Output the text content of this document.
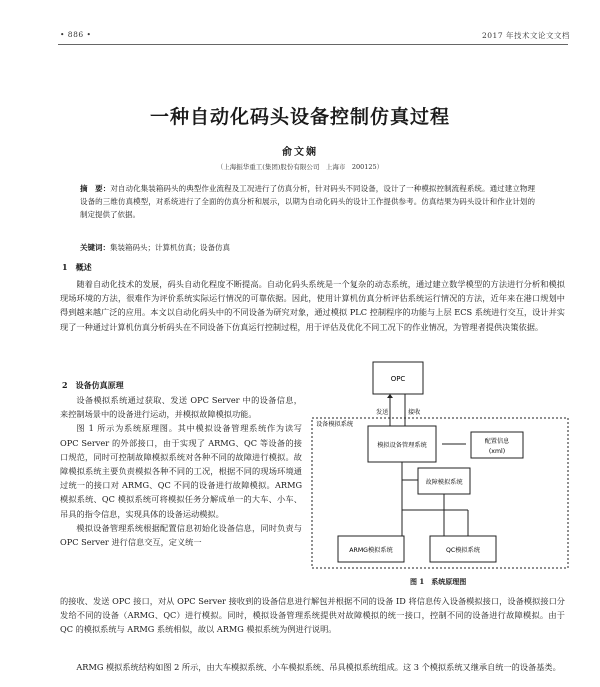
• 886 •	2017 年技术文论文文档
一种自动化码头设备控制仿真过程
俞文娴
（上海振华重工(集团)股份有限公司　上海市　200125）
摘　要：对自动化集装箱码头的典型作业流程及工况进行了仿真分析，针对码头不同设备，设计了一种模拟控制流程系统。通过建立物理设备的三维仿真模型，对系统进行了全面的仿真分析和展示，以期为自动化码头的设计工作提供参考。仿真结果为码头设计和作业计划的制定提供了依据。
关键词：集装箱码头；计算机仿真；设备仿真
1　概述

随着自动化技术的发展，码头自动化程度不断提高。自动化码头系统是一个复杂的动态系统，通过建立数学模型的方法进行分析和模拟现场环境的方法，很难作为评价系统实际运行情况的可靠依据。因此，使用计算机仿真分析评估系统运行情况的方法，近年来在港口规划中得到越来越广泛的应用。本文以自动化码头中的不同设备为研究对象，通过模拟 PLC 控制程序的功能与上层 ECS 系统进行交互，设计并实现了一种通过计算机仿真分析码头在不同设备下仿真运行控制过程，用于评估及优化不同工况下的作业情况，为管理者提供决策依据。

2　设备仿真原理

设备模拟系统通过获取、发送 OPC Server 中的设备信息，来控制场景中的设备进行运动，并模拟故障模拟功能。

图 1 所示为系统原理图。其中模拟设备管理系统作为读写 OPC Server 的外部接口，由于实现了 ARMG、QC 等设备的接口规范，同时可控制故障模拟系统对各种不同的故障进行模拟。故障模拟系统主要负责模拟各种不同的工况，根据不同的现场环境通过统一的接口对 ARMG、QC 不同的设备进行故障模拟。ARMG 模拟系统、QC 模拟系统可将模拟任务分解成单一的大车、小车、吊具的指令信息，实现具体的设备运动模拟。

模拟设备管理系统根据配置信息初始化设备信息，同时负责与 OPC Server 进行信息交互，定义统一

的接收、发送 OPC 接口，对从 OPC Server 接收到的设备信息进行解包并根据不同的设备 ID 将信息传入设备模拟接口，设备模拟接口分发给不同的设备（ARMG、QC）进行模拟。同时，模拟设备管理系统提供对故障模拟的统一接口，控制不同的设备进行故障模拟。由于 QC 的模拟系统与 ARMG 系统相似，故以 ARMG 模拟系统为例进行说明。

ARMG 模拟系统结构如图 2 所示，由大车模拟系统、小车模拟系统、吊具模拟系统组成。这 3 个模拟系统又继承自统一的设备基类。

OPC
设备模拟系统
发送	接收
模拟设备管理系统
配置信息
(xml)
故障模拟系统
ARMG模拟系统	QC模拟系统
图 1　系统原理图
